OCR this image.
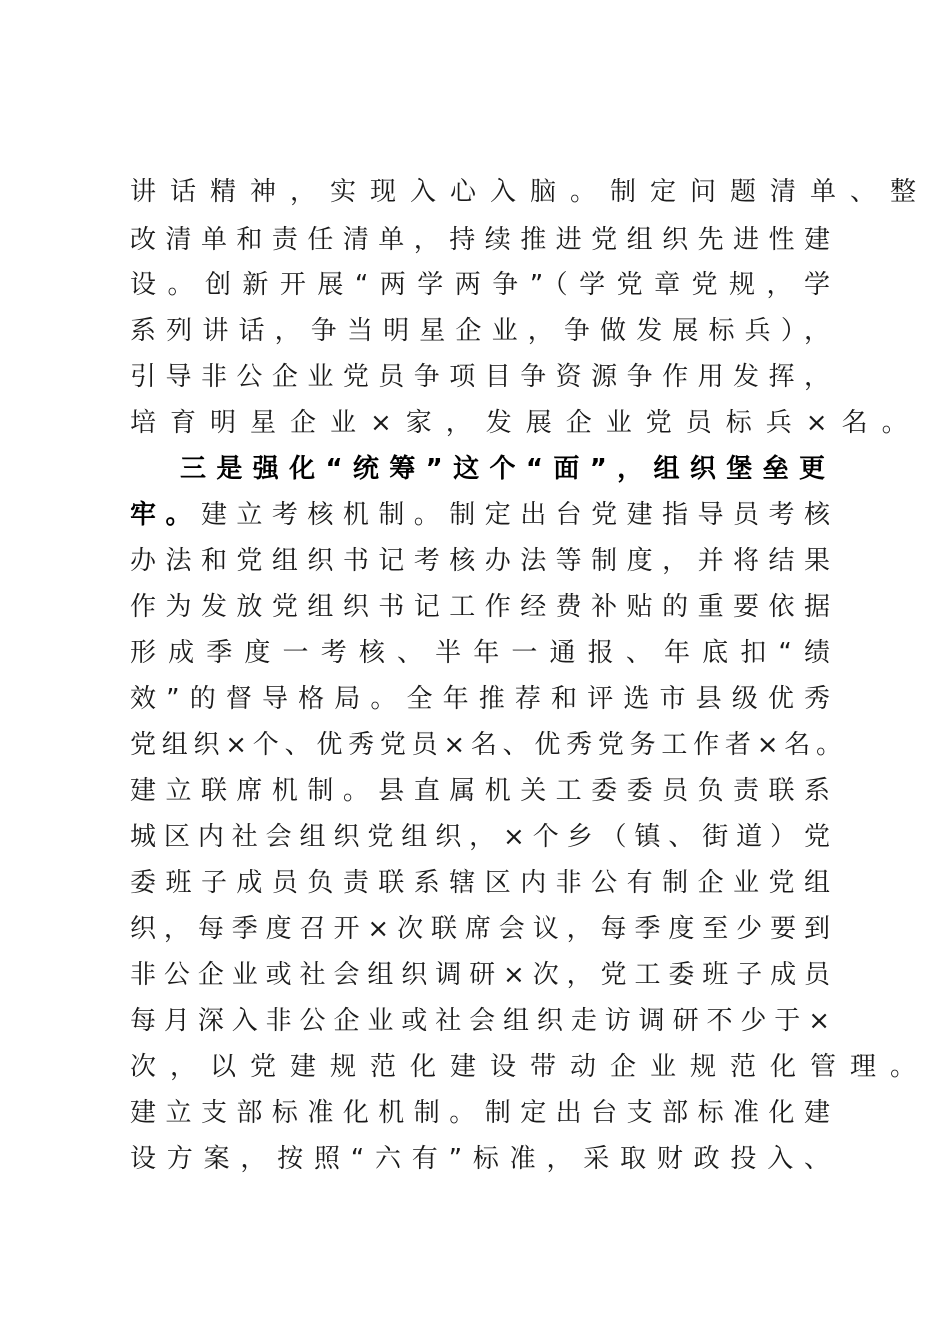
讲话精神，实现入心入脑。制定问题清单、整
改清单和责任清单，持续推进党组织先进性建
设。创新开展“两学两争”（学党章党规，学
系列讲话，争当明星企业，争做发展标兵），
引导非公企业党员争项目争资源争作用发挥，
培育明星企业×家，发展企业党员标兵×名。
三是强化“统筹”这个“面”，组织堡垒更
牢。建立考核机制。制定出台党建指导员考核
办法和党组织书记考核办法等制度，并将结果
作为发放党组织书记工作经费补贴的重要依据
形成季度一考核、半年一通报、年底扣“绩
效”的督导格局。全年推荐和评选市县级优秀
党组织×个、优秀党员×名、优秀党务工作者×名。
建立联席机制。县直属机关工委委员负责联系
城区内社会组织党组织，×个乡（镇、街道）党
委班子成员负责联系辖区内非公有制企业党组
织，每季度召开×次联席会议，每季度至少要到
非公企业或社会组织调研×次，党工委班子成员
每月深入非公企业或社会组织走访调研不少于×
次，以党建规范化建设带动企业规范化管理。
建立支部标准化机制。制定出台支部标准化建
设方案，按照“六有”标准，采取财政投入、
